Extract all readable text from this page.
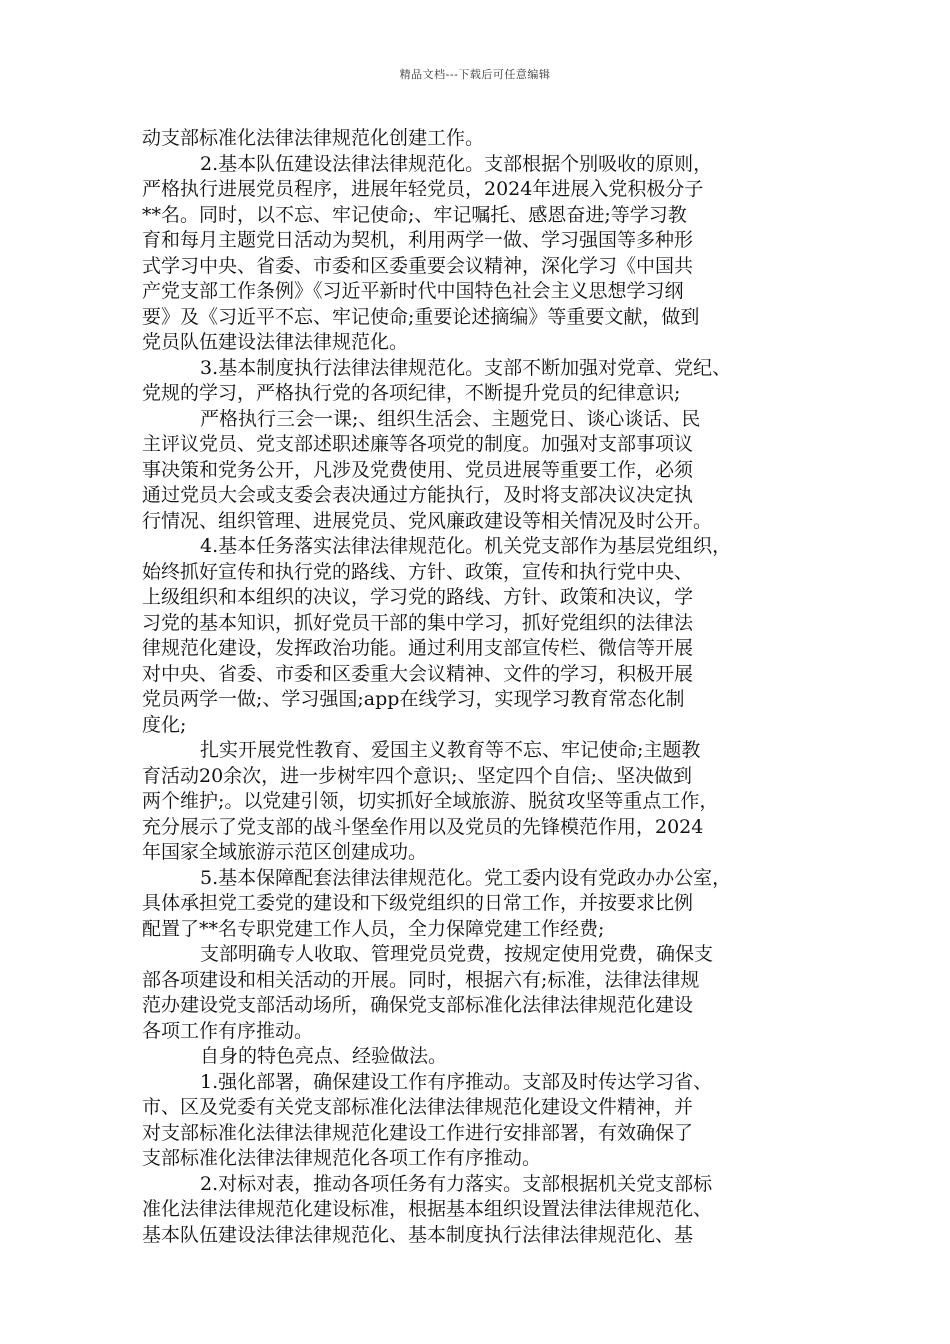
精品文档---下载后可任意编辑
动支部标准化法律法律规范化创建工作。
2.基本队伍建设法律法律规范化。支部根据个别吸收的原则，
严格执行进展党员程序，进展年轻党员，2024年进展入党积极分子
**名。同时，以不忘、牢记使命;、牢记嘱托、感恩奋进;等学习教
育和每月主题党日活动为契机，利用两学一做、学习强国等多种形
式学习中央、省委、市委和区委重要会议精神，深化学习《中国共
产党支部工作条例》《习近平新时代中国特色社会主义思想学习纲
要》及《习近平不忘、牢记使命;重要论述摘编》等重要文献，做到
党员队伍建设法律法律规范化。
3.基本制度执行法律法律规范化。支部不断加强对党章、党纪、
党规的学习，严格执行党的各项纪律，不断提升党员的纪律意识;
严格执行三会一课;、组织生活会、主题党日、谈心谈话、民
主评议党员、党支部述职述廉等各项党的制度。加强对支部事项议
事决策和党务公开，凡涉及党费使用、党员进展等重要工作，必须
通过党员大会或支委会表决通过方能执行，及时将支部决议决定执
行情况、组织管理、进展党员、党风廉政建设等相关情况及时公开。
4.基本任务落实法律法律规范化。机关党支部作为基层党组织，
始终抓好宣传和执行党的路线、方针、政策，宣传和执行党中央、
上级组织和本组织的决议，学习党的路线、方针、政策和决议，学
习党的基本知识，抓好党员干部的集中学习，抓好党组织的法律法
律规范化建设，发挥政治功能。通过利用支部宣传栏、微信等开展
对中央、省委、市委和区委重大会议精神、文件的学习，积极开展
党员两学一做;、学习强国;app在线学习，实现学习教育常态化制
度化;
扎实开展党性教育、爱国主义教育等不忘、牢记使命;主题教
育活动20余次，进一步树牢四个意识;、坚定四个自信;、坚决做到
两个维护;。以党建引领，切实抓好全域旅游、脱贫攻坚等重点工作，
充分展示了党支部的战斗堡垒作用以及党员的先锋模范作用，2024
年国家全域旅游示范区创建成功。
5.基本保障配套法律法律规范化。党工委内设有党政办办公室，
具体承担党工委党的建设和下级党组织的日常工作，并按要求比例
配置了**名专职党建工作人员，全力保障党建工作经费;
支部明确专人收取、管理党员党费，按规定使用党费，确保支
部各项建设和相关活动的开展。同时，根据六有;标准，法律法律规
范办建设党支部活动场所，确保党支部标准化法律法律规范化建设
各项工作有序推动。
自身的特色亮点、经验做法。
1.强化部署，确保建设工作有序推动。支部及时传达学习省、
市、区及党委有关党支部标准化法律法律规范化建设文件精神，并
对支部标准化法律法律规范化建设工作进行安排部署，有效确保了
支部标准化法律法律规范化各项工作有序推动。
2.对标对表，推动各项任务有力落实。支部根据机关党支部标
准化法律法律规范化建设标准，根据基本组织设置法律法律规范化、
基本队伍建设法律法律规范化、基本制度执行法律法律规范化、基
